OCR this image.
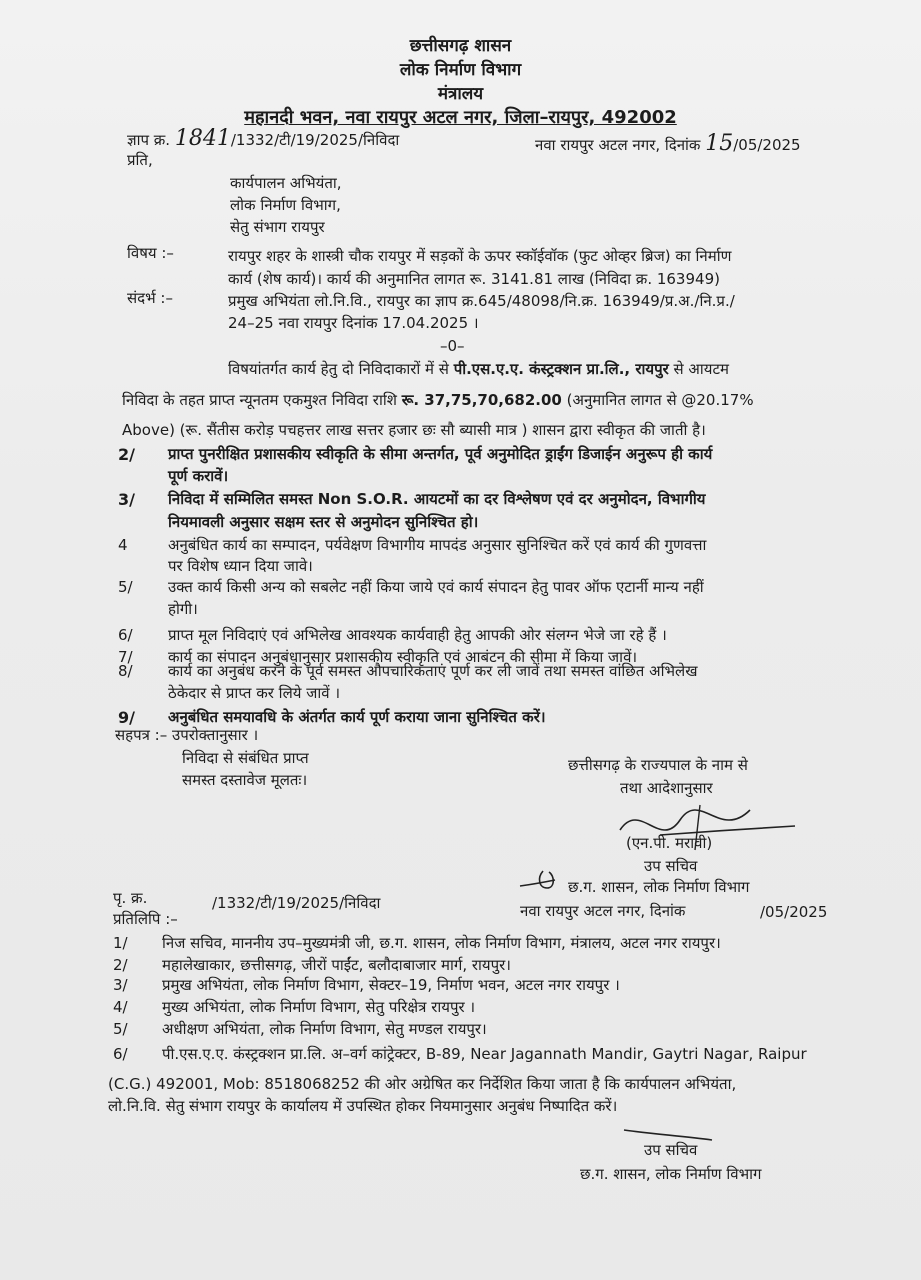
छत्तीसगढ़ शासन
लोक निर्माण विभाग
मंत्रालय
महानदी भवन, नवा रायपुर अटल नगर, जिला–रायपुर, 492002
ज्ञाप क्र. 1841/1332/टी/19/2025/निविदा	नवा रायपुर अटल नगर, दिनांक 15/05/2025
प्रति,
कार्यपालन अभियंता,
लोक निर्माण विभाग,
सेतु संभाग रायपुर
विषय :–	रायपुर शहर के शास्त्री चौक रायपुर में सड़कों के ऊपर स्कॉईवॉक (फुट ओव्हर ब्रिज) का निर्माण
कार्य (शेष कार्य)। कार्य की अनुमानित लागत रू. 3141.81 लाख (निविदा क्र. 163949)
संदर्भ :–	प्रमुख अभियंता लो.नि.वि., रायपुर का ज्ञाप क्र.645/48098/नि.क्र. 163949/प्र.अ./नि.प्र./
24–25 नवा रायपुर दिनांक 17.04.2025 ।
–0–
विषयांतर्गत कार्य हेतु दो निविदाकारों में से पी.एस.ए.ए. कंस्ट्रक्शन प्रा.लि., रायपुर से आयटम
निविदा के तहत प्राप्त न्यूनतम एकमुश्त निविदा राशि रू. 37,75,70,682.00 (अनुमानित लागत से @20.17%
Above) (रू. सैंतीस करोड़ पचहत्तर लाख सत्तर हजार छः सौ ब्यासी मात्र ) शासन द्वारा स्वीकृत की जाती है।
2/ प्राप्त पुनरीक्षित प्रशासकीय स्वीकृति के सीमा अन्तर्गत, पूर्व अनुमोदित ड्राईंग डिजाईन अनुरूप ही कार्य
पूर्ण करावें।
3/ निविदा में सम्मिलित समस्त Non S.O.R. आयटमों का दर विश्लेषण एवं दर अनुमोदन, विभागीय
नियमावली अनुसार सक्षम स्तर से अनुमोदन सुनिश्चित हो।
4	अनुबंधित कार्य का सम्पादन, पर्यवेक्षण विभागीय मापदंड अनुसार सुनिश्चित करें एवं कार्य की गुणवत्ता
पर विशेष ध्यान दिया जावे।
5/ उक्त कार्य किसी अन्य को सबलेट नहीं किया जाये एवं कार्य संपादन हेतु पावर ऑफ एटार्नी मान्य नहीं
होगी।
6/ प्राप्त मूल निविदाएं एवं अभिलेख आवश्यक कार्यवाही हेतु आपकी ओर संलग्न भेजे जा रहे हैं ।
7/ कार्य का संपादन अनुबंधानुसार प्रशासकीय स्वीकृति एवं आबंटन की सीमा में किया जावें।
8/ कार्य का अनुबंध करने के पूर्व समस्त औपचारिकताएं पूर्ण कर ली जावें तथा समस्त वांछित अभिलेख
ठेकेदार से प्राप्त कर लिये जावें ।
9/ अनुबंधित समयावधि के अंतर्गत कार्य पूर्ण कराया जाना सुनिश्चित करें।
सहपत्र :– उपरोक्तानुसार ।
निविदा से संबंधित प्राप्त
समस्त दस्तावेज मूलतः।
छत्तीसगढ़ के राज्यपाल के नाम से
तथा आदेशानुसार
(एन.पी. मरावी)
उप सचिव
छ.ग. शासन, लोक निर्माण विभाग
पृ. क्र.	/1332/टी/19/2025/निविदा	नवा रायपुर अटल नगर, दिनांक	/05/2025
प्रतिलिपि :–
1/ निज सचिव, माननीय उप–मुख्यमंत्री जी, छ.ग. शासन, लोक निर्माण विभाग, मंत्रालय, अटल नगर रायपुर।
2/ महालेखाकार, छत्तीसगढ़, जीरों पाईंट, बलौदाबाजार मार्ग, रायपुर।
3/ प्रमुख अभियंता, लोक निर्माण विभाग, सेक्टर–19, निर्माण भवन, अटल नगर रायपुर ।
4/ मुख्य अभियंता, लोक निर्माण विभाग, सेतु परिक्षेत्र रायपुर ।
5/ अधीक्षण अभियंता, लोक निर्माण विभाग, सेतु मण्डल रायपुर।
6/ पी.एस.ए.ए. कंस्ट्रक्शन प्रा.लि. अ–वर्ग कांट्रेक्टर, B-89, Near Jagannath Mandir, Gaytri Nagar, Raipur
(C.G.) 492001, Mob: 8518068252 की ओर अग्रेषित कर निर्देशित किया जाता है कि कार्यपालन अभियंता,
लो.नि.वि. सेतु संभाग रायपुर के कार्यालय में उपस्थित होकर नियमानुसार अनुबंध निष्पादित करें।
उप सचिव
छ.ग. शासन, लोक निर्माण विभाग
